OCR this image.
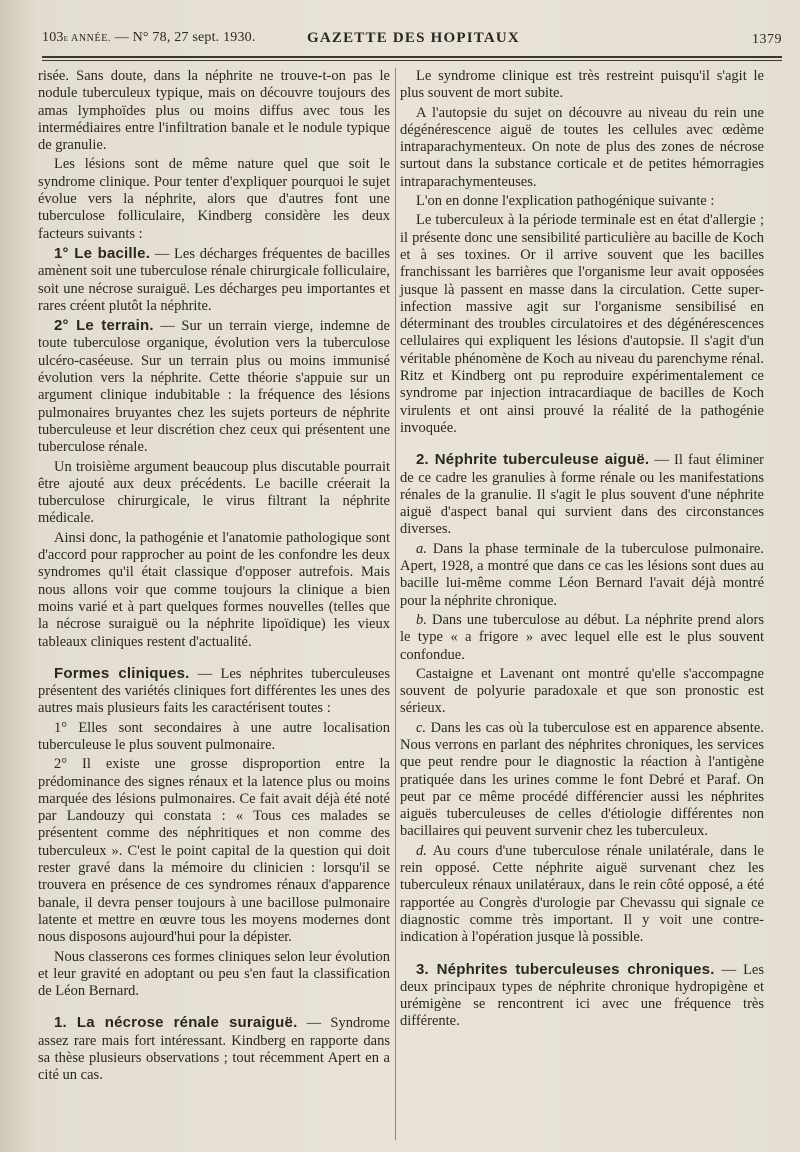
103e ANNÉE. — N° 78, 27 sept. 1930.	GAZETTE DES HOPITAUX	1379

risée. Sans doute, dans la néphrite ne trouve-t-on pas le nodule tuberculeux typique, mais on découvre toujours des amas lymphoïdes plus ou moins diffus avec tous les intermédiaires entre l'infiltration banale et le nodule typique de granulie.

Les lésions sont de même nature quel que soit le syndrome clinique. Pour tenter d'expliquer pourquoi le sujet évolue vers la néphrite, alors que d'autres font une tuberculose folliculaire, Kindberg considère les deux facteurs suivants :

1° Le bacille. — Les décharges fréquentes de bacilles amènent soit une tuberculose rénale chirurgicale folliculaire, soit une nécrose suraiguë. Les décharges peu importantes et rares créent plutôt la néphrite.

2° Le terrain. — Sur un terrain vierge, indemne de toute tuberculose organique, évolution vers la tuberculose ulcéro-caséeuse. Sur un terrain plus ou moins immunisé évolution vers la néphrite. Cette théorie s'appuie sur un argument clinique indubitable : la fréquence des lésions pulmonaires bruyantes chez les sujets porteurs de néphrite tuberculeuse et leur discrétion chez ceux qui présentent une tuberculose rénale.

Un troisième argument beaucoup plus discutable pourrait être ajouté aux deux précédents. Le bacille créerait la tuberculose chirurgicale, le virus filtrant la néphrite médicale.

Ainsi donc, la pathogénie et l'anatomie pathologique sont d'accord pour rapprocher au point de les confondre les deux syndromes qu'il était classique d'opposer autrefois. Mais nous allons voir que comme toujours la clinique a bien moins varié et à part quelques formes nouvelles (telles que la nécrose suraiguë ou la néphrite lipoïdique) les vieux tableaux cliniques restent d'actualité.

Formes cliniques. — Les néphrites tuberculeuses présentent des variétés cliniques fort différentes les unes des autres mais plusieurs faits les caractérisent toutes :

1° Elles sont secondaires à une autre localisation tuberculeuse le plus souvent pulmonaire.

2° Il existe une grosse disproportion entre la prédominance des signes rénaux et la latence plus ou moins marquée des lésions pulmonaires. Ce fait avait déjà été noté par Landouzy qui constata : « Tous ces malades se présentent comme des néphritiques et non comme des tuberculeux ». C'est le point capital de la question qui doit rester gravé dans la mémoire du clinicien : lorsqu'il se trouvera en présence de ces syndromes rénaux d'apparence banale, il devra penser toujours à une bacillose pulmonaire latente et mettre en œuvre tous les moyens modernes dont nous disposons aujourd'hui pour la dépister.

Nous classerons ces formes cliniques selon leur évolution et leur gravité en adoptant ou peu s'en faut la classification de Léon Bernard.

1. La nécrose rénale suraiguë. — Syndrome assez rare mais fort intéressant. Kindberg en rapporte dans sa thèse plusieurs observations ; tout récemment Apert en a cité un cas.

Le syndrome clinique est très restreint puisqu'il s'agit le plus souvent de mort subite.

A l'autopsie du sujet on découvre au niveau du rein une dégénérescence aiguë de toutes les cellules avec œdème intraparachymenteux. On note de plus des zones de nécrose surtout dans la substance corticale et de petites hémorragies intraparachymenteuses.

L'on en donne l'explication pathogénique suivante :

Le tuberculeux à la période terminale est en état d'allergie ; il présente donc une sensibilité particulière au bacille de Koch et à ses toxines. Or il arrive souvent que les bacilles franchissant les barrières que l'organisme leur avait opposées jusque là passent en masse dans la circulation. Cette super-infection massive agit sur l'organisme sensibilisé en déterminant des troubles circulatoires et des dégénérescences cellulaires qui expliquent les lésions d'autopsie. Il s'agit d'un véritable phénomène de Koch au niveau du parenchyme rénal. Ritz et Kindberg ont pu reproduire expérimentalement ce syndrome par injection intracardiaque de bacilles de Koch virulents et ont ainsi prouvé la réalité de la pathogénie invoquée.

2. Néphrite tuberculeuse aiguë. — Il faut éliminer de ce cadre les granulies à forme rénale ou les manifestations rénales de la granulie. Il s'agit le plus souvent d'une néphrite aiguë d'aspect banal qui survient dans des circonstances diverses.

a. Dans la phase terminale de la tuberculose pulmonaire. Apert, 1928, a montré que dans ce cas les lésions sont dues au bacille lui-même comme Léon Bernard l'avait déjà montré pour la néphrite chronique.

b. Dans une tuberculose au début. La néphrite prend alors le type « a frigore » avec lequel elle est le plus souvent confondue.

Castaigne et Lavenant ont montré qu'elle s'accompagne souvent de polyurie paradoxale et que son pronostic est sérieux.

c. Dans les cas où la tuberculose est en apparence absente. Nous verrons en parlant des néphrites chroniques, les services que peut rendre pour le diagnostic la réaction à l'antigène pratiquée dans les urines comme le font Debré et Paraf. On peut par ce même procédé différencier aussi les néphrites aiguës tuberculeuses de celles d'étiologie différentes non bacillaires qui peuvent survenir chez les tuberculeux.

d. Au cours d'une tuberculose rénale unilatérale, dans le rein opposé. Cette néphrite aiguë survenant chez les tuberculeux rénaux unilatéraux, dans le rein côté opposé, a été rapportée au Congrès d'urologie par Chevassu qui signale ce diagnostic comme très important. Il y voit une contre-indication à l'opération jusque là possible.

3. Néphrites tuberculeuses chroniques. — Les deux principaux types de néphrite chronique hydropigène et urémigène se rencontrent ici avec une fréquence très différente.
